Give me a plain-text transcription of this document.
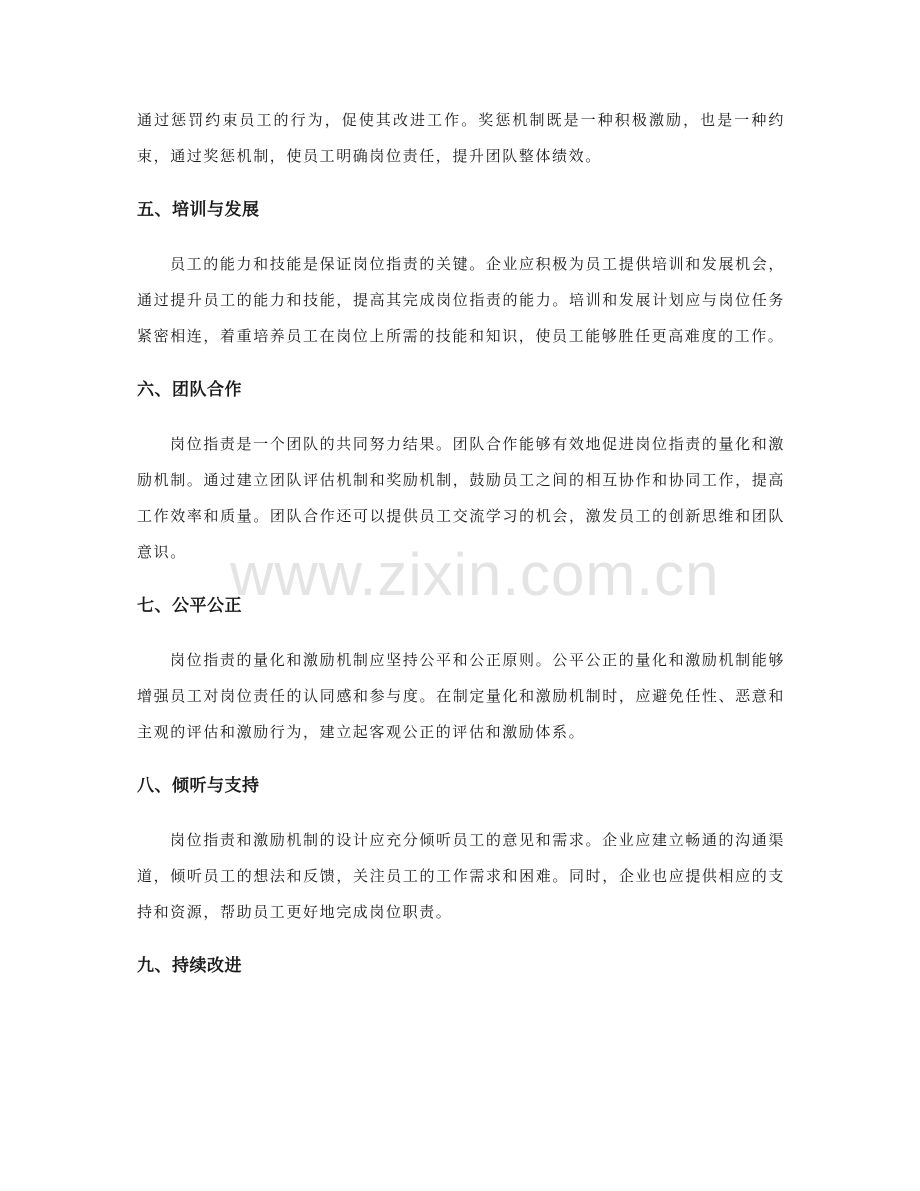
通过惩罚约束员工的行为，促使其改进工作。奖惩机制既是一种积极激励，也是一种约束，通过奖惩机制，使员工明确岗位责任，提升团队整体绩效。

五、培训与发展

员工的能力和技能是保证岗位指责的关键。企业应积极为员工提供培训和发展机会，通过提升员工的能力和技能，提高其完成岗位指责的能力。培训和发展计划应与岗位任务紧密相连，着重培养员工在岗位上所需的技能和知识，使员工能够胜任更高难度的工作。

六、团队合作

岗位指责是一个团队的共同努力结果。团队合作能够有效地促进岗位指责的量化和激励机制。通过建立团队评估机制和奖励机制，鼓励员工之间的相互协作和协同工作，提高工作效率和质量。团队合作还可以提供员工交流学习的机会，激发员工的创新思维和团队意识。

七、公平公正

岗位指责的量化和激励机制应坚持公平和公正原则。公平公正的量化和激励机制能够增强员工对岗位责任的认同感和参与度。在制定量化和激励机制时，应避免任性、恶意和主观的评估和激励行为，建立起客观公正的评估和激励体系。

八、倾听与支持

岗位指责和激励机制的设计应充分倾听员工的意见和需求。企业应建立畅通的沟通渠道，倾听员工的想法和反馈，关注员工的工作需求和困难。同时，企业也应提供相应的支持和资源，帮助员工更好地完成岗位职责。

九、持续改进
www.zixin.com.cn
